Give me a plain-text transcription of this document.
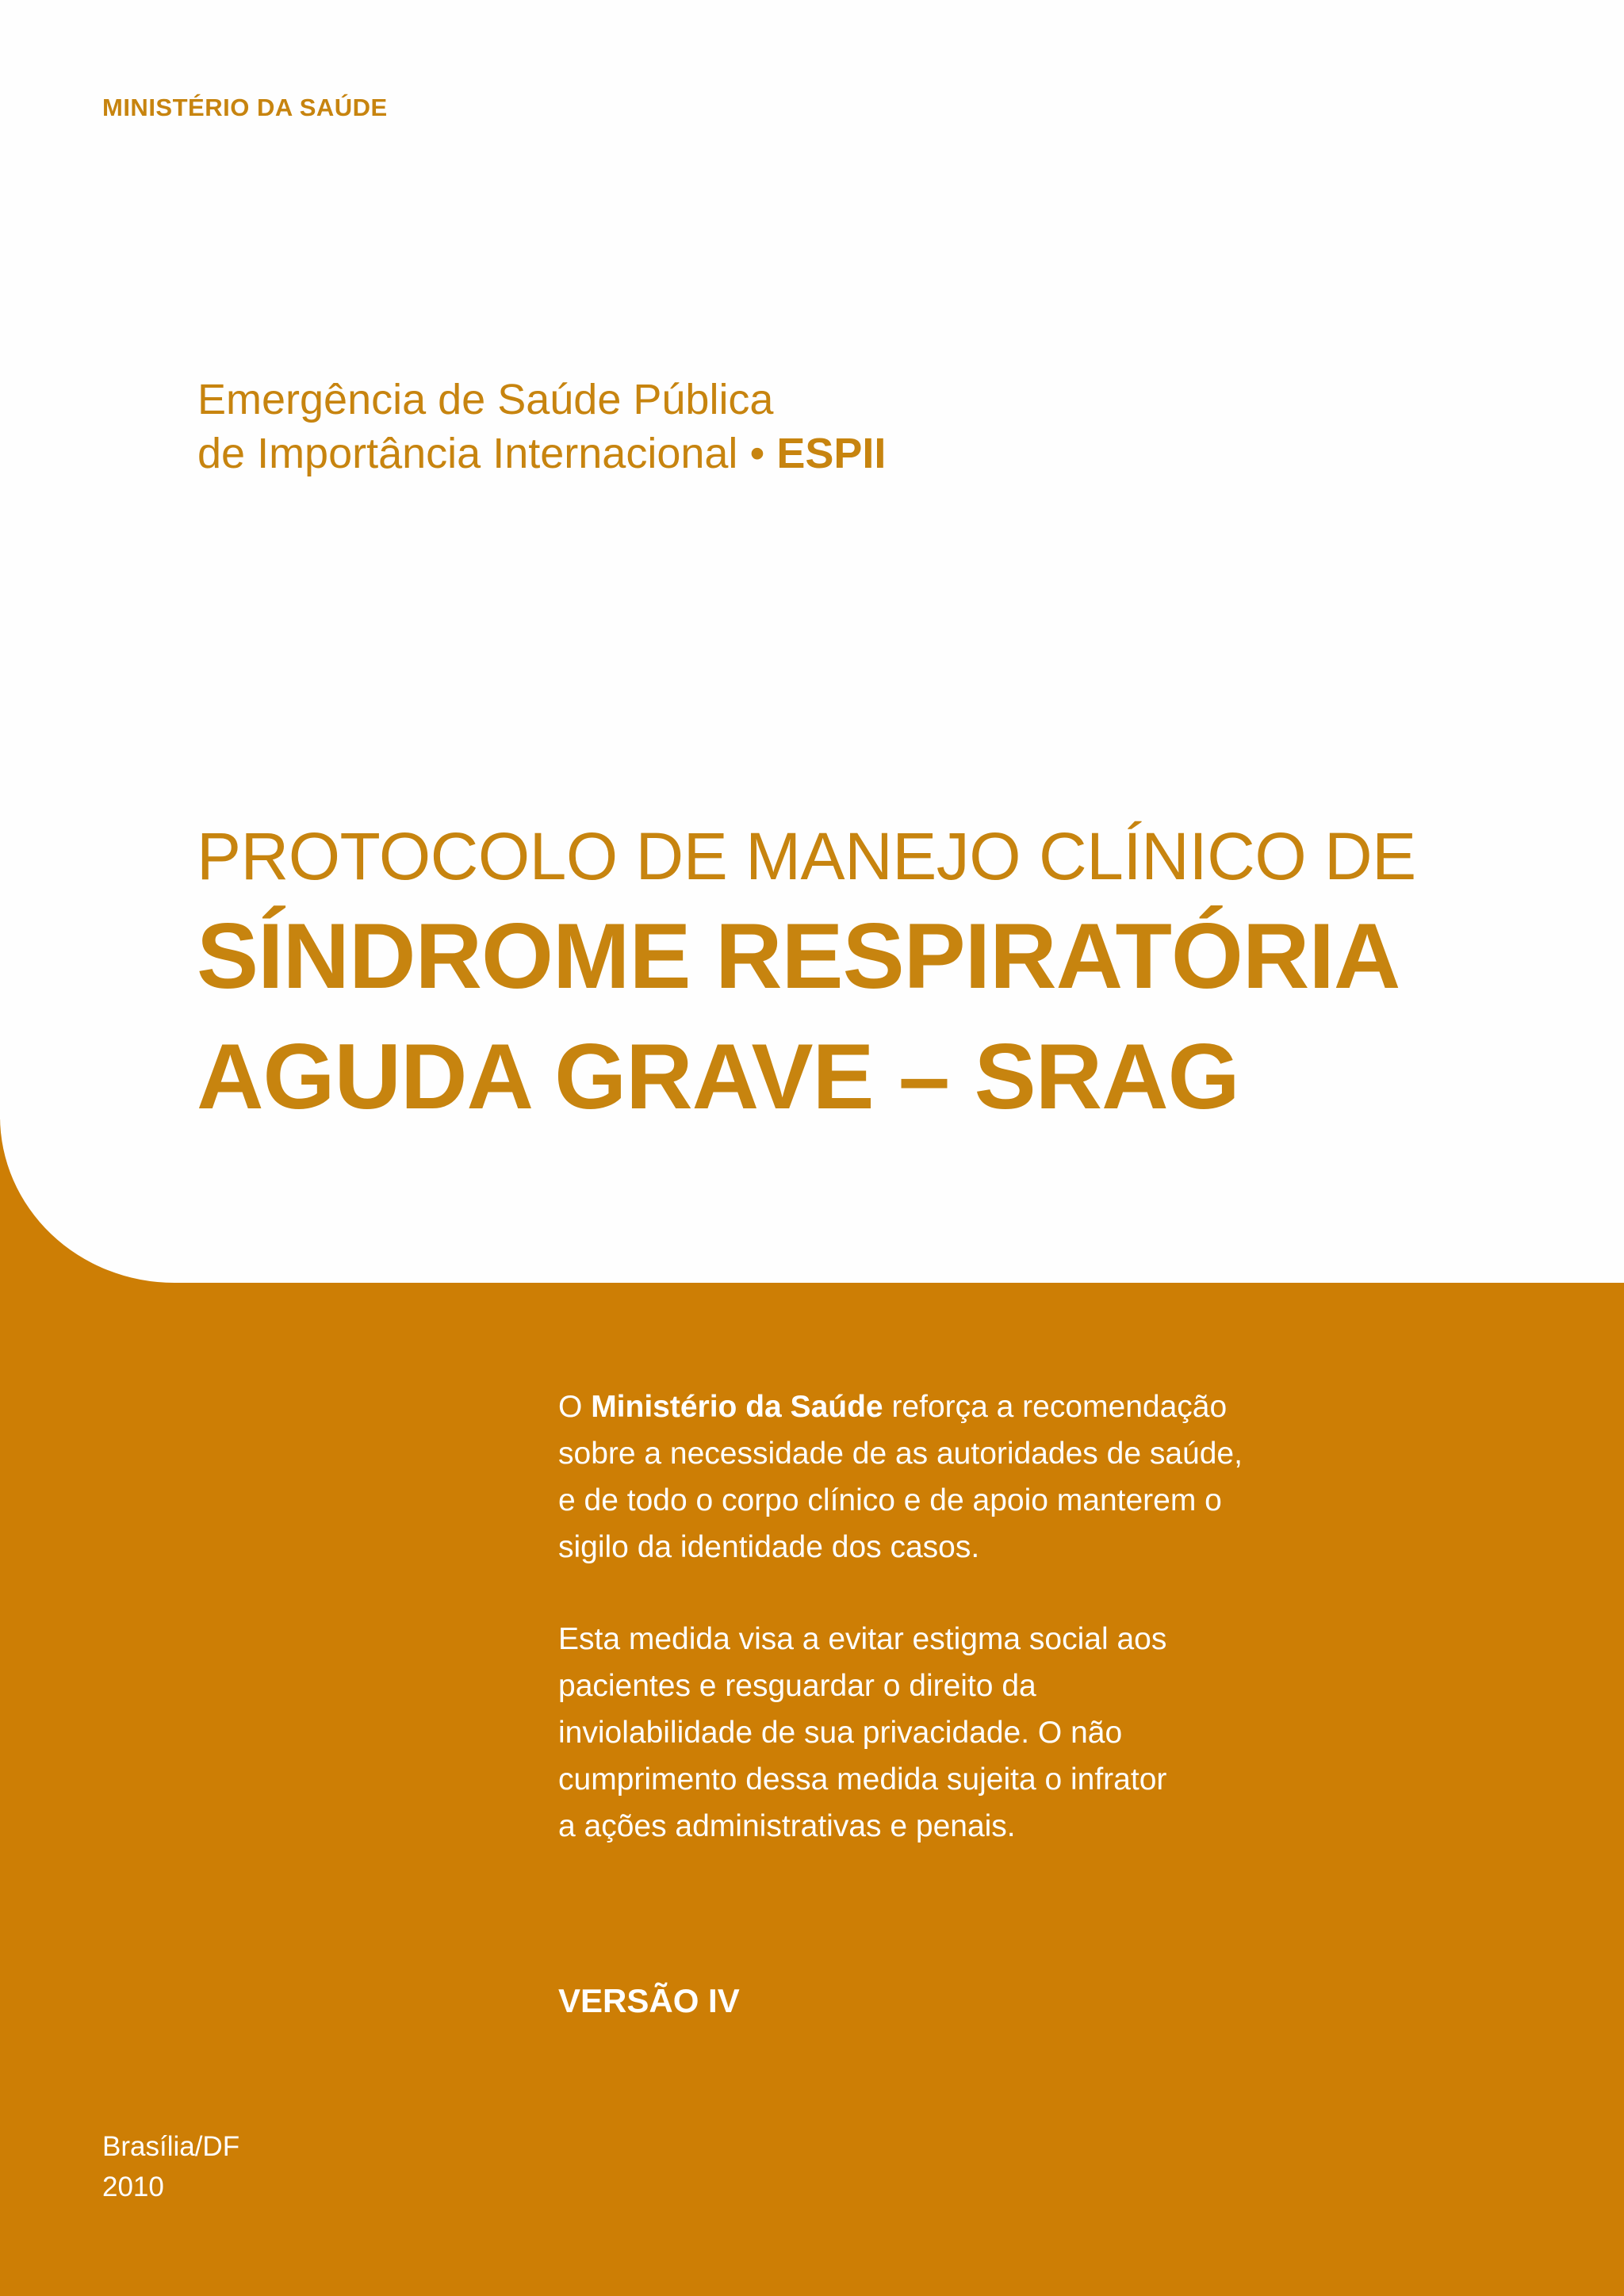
MINISTÉRIO DA SAÚDE
Emergência de Saúde Pública
de Importância Internacional • ESPII
PROTOCOLO DE MANEJO CLÍNICO DE
SÍNDROME RESPIRATÓRIA
AGUDA GRAVE – SRAG

O Ministério da Saúde reforça a recomendação
sobre a necessidade de as autoridades de saúde,
e de todo o corpo clínico e de apoio manterem o
sigilo da identidade dos casos.

Esta medida visa a evitar estigma social aos
pacientes e resguardar o direito da
inviolabilidade de sua privacidade. O não
cumprimento dessa medida sujeita o infrator
a ações administrativas e penais.

VERSÃO IV
Brasília/DF
2010
